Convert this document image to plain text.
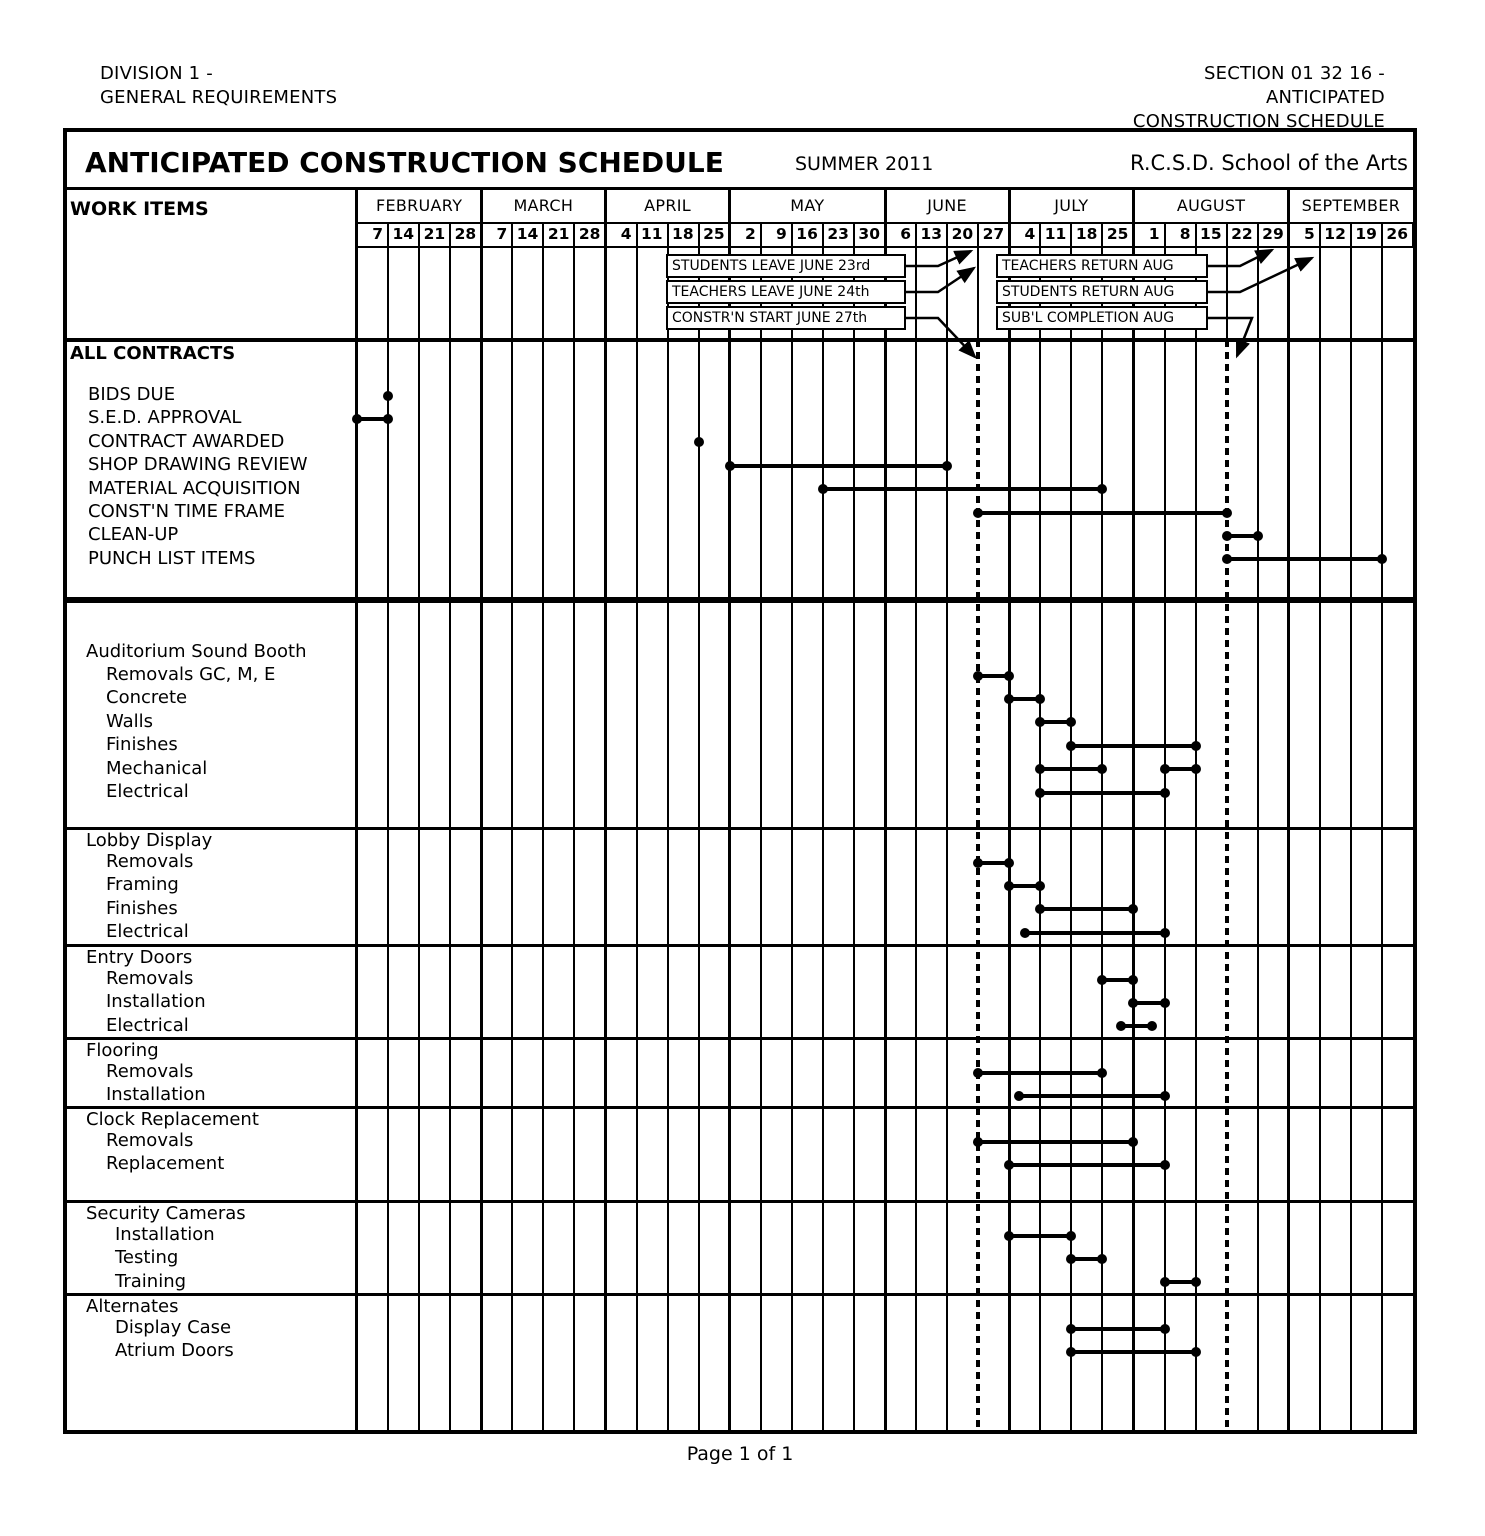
DIVISION 1 -
GENERAL REQUIREMENTS
SECTION 01 32 16 -
ANTICIPATED
CONSTRUCTION SCHEDULE
ANTICIPATED CONSTRUCTION SCHEDULE	SUMMER 2011	R.C.S.D. School of the Arts
WORK ITEMS	FEBRUARY
7 14 21 28
MARCH
7 14 21 28
APRIL
4 11 18 25
MAY
2	9 16 23 30
JUNE
6 13 20 27
JULY
4 11 18 25
AUGUST
1	8 15 22 29
SEPTEMBER
5 12 19 26
STUDENTS LEAVE JUNE 23rd
TEACHERS LEAVE JUNE 24th
CONSTR'N START JUNE 27th
TEACHERS RETURN AUG
STUDENTS RETURN AUG
SUB'L COMPLETION AUG
ALL CONTRACTS
BIDS DUE
S.E.D. APPROVAL
CONTRACT AWARDED
SHOP DRAWING REVIEW
MATERIAL ACQUISITION
CONST'N TIME FRAME
CLEAN-UP
PUNCH LIST ITEMS
Auditorium Sound Booth
Removals GC, M, E
Concrete
Walls
Finishes
Mechanical
Electrical
Lobby Display
Removals
Framing
Finishes
Electrical
Entry Doors
Removals
Installation
Electrical
Flooring
Removals
Installation
Clock Replacement
Removals
Replacement
Security Cameras
Installation
Testing
Training
Alternates
Display Case
Atrium Doors
Page 1 of 1
